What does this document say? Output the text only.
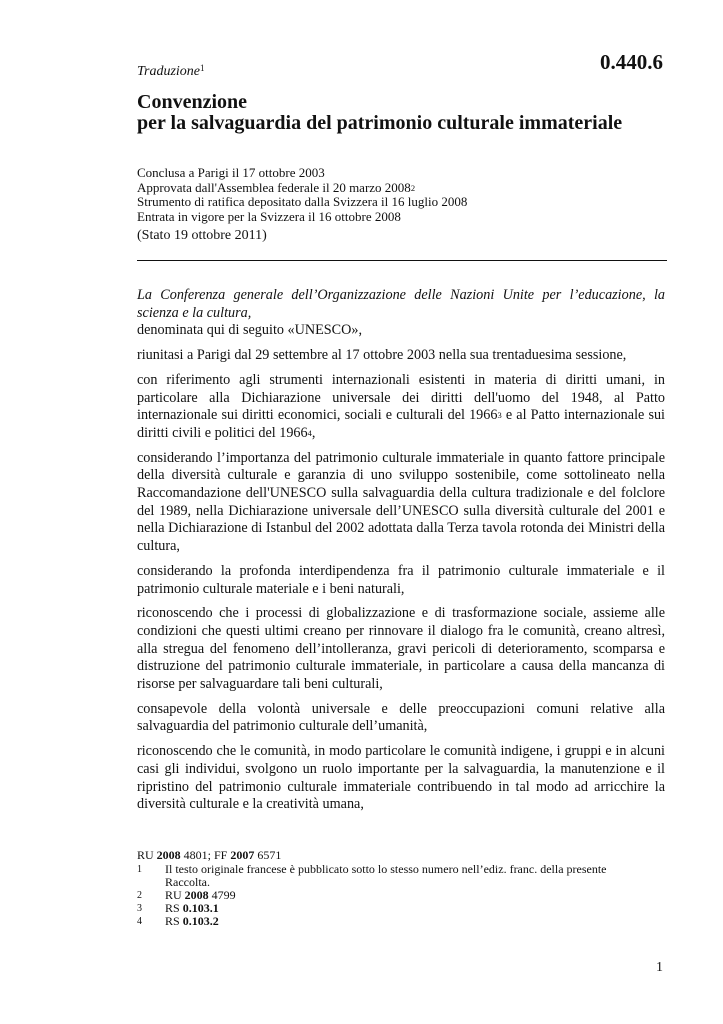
Traduzione$^1$	0.440.6
Convenzione
per la salvaguardia del patrimonio culturale immateriale
Conclusa a Parigi il 17 ottobre 2003
Approvata dall'Assemblea federale il 20 marzo 2008$^2$
Strumento di ratifica depositato dalla Svizzera il 16 luglio 2008
Entrata in vigore per la Svizzera il 16 ottobre 2008
(Stato 19 ottobre 2011)

La Conferenza generale dell’Organizzazione delle Nazioni Unite per l’educazione, la scienza e la cultura,

denominata qui di seguito «UNESCO»,

riunitasi a Parigi dal 29 settembre al 17 ottobre 2003 nella sua trentaduesima sessione,

con riferimento agli strumenti internazionali esistenti in materia di diritti umani, in particolare alla Dichiarazione universale dei diritti dell'uomo del 1948, al Patto internazionale sui diritti economici, sociali e culturali del 1966$^3$ e al Patto internazionale sui diritti civili e politici del 1966$^4$,

considerando l’importanza del patrimonio culturale immateriale in quanto fattore principale della diversità culturale e garanzia di uno sviluppo sostenibile, come sottolineato nella Raccomandazione dell'UNESCO sulla salvaguardia della cultura tradizionale e del folclore del 1989, nella Dichiarazione universale dell’UNESCO sulla diversità culturale del 2001 e nella Dichiarazione di Istanbul del 2002 adottata dalla Terza tavola rotonda dei Ministri della cultura,

considerando la profonda interdipendenza fra il patrimonio culturale immateriale e il patrimonio culturale materiale e i beni naturali,

riconoscendo che i processi di globalizzazione e di trasformazione sociale, assieme alle condizioni che questi ultimi creano per rinnovare il dialogo fra le comunità, creano altresì, alla stregua del fenomeno dell’intolleranza, gravi pericoli di deterioramento, scomparsa e distruzione del patrimonio culturale immateriale, in particolare a causa della mancanza di risorse per salvaguardare tali beni culturali,

consapevole della volontà universale e delle preoccupazioni comuni relative alla salvaguardia del patrimonio culturale dell’umanità,

riconoscendo che le comunità, in modo particolare le comunità indigene, i gruppi e in alcuni casi gli individui, svolgono un ruolo importante per la salvaguardia, la manutenzione e il ripristino del patrimonio culturale immateriale contribuendo in tal modo ad arricchire la diversità culturale e la creatività umana,

RU 2008 4801; FF 2007 6571
1	Il testo originale francese è pubblicato sotto lo stesso numero nell’ediz. franc. della presente Raccolta.
2	RU 2008 4799
3	RS 0.103.1
4	RS 0.103.2
1
